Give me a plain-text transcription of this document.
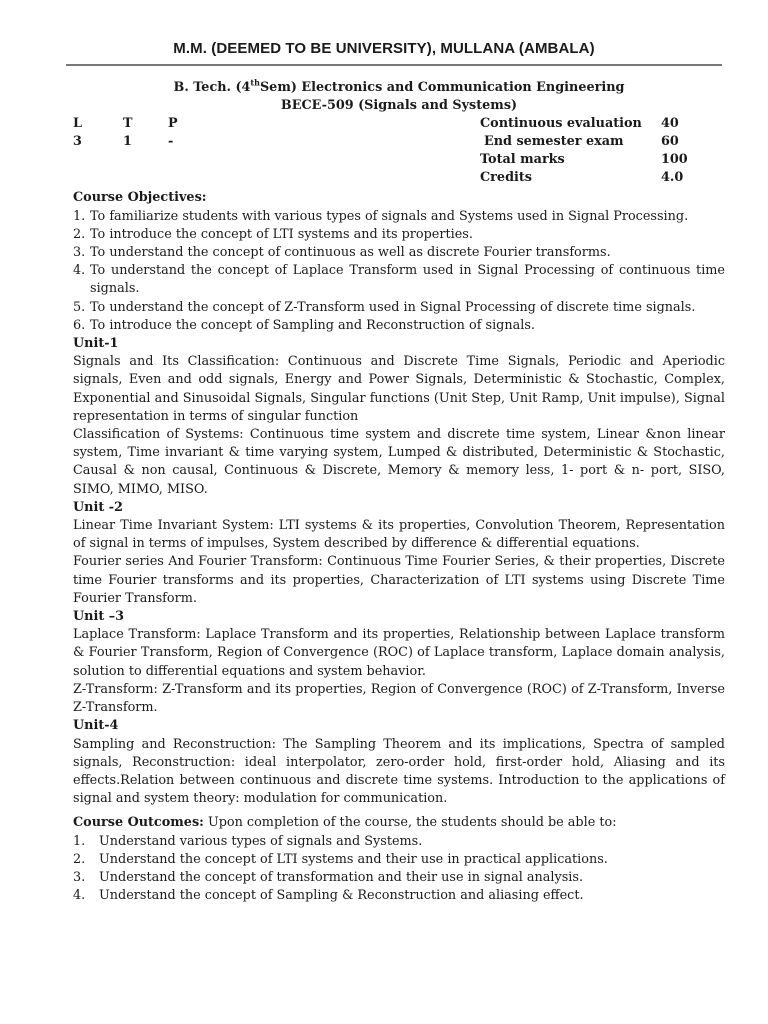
M.M. (DEEMED TO BE UNIVERSITY), MULLANA (AMBALA)
B. Tech. (4thSem) Electronics and Communication Engineering
BECE-509 (Signals and Systems)
L	T	P
3	1	-
Continuous evaluation 40
End semester exam	60
Total marks	100
Credits	4.0
Course Objectives:
1. To familiarize students with various types of signals and Systems used in Signal Processing.
2. To introduce the concept of LTI systems and its properties.
3. To understand the concept of continuous as well as discrete Fourier transforms.
4. To understand the concept of Laplace Transform used in Signal Processing of continuous time signals.
5. To understand the concept of Z-Transform used in Signal Processing of discrete time signals.
6. To introduce the concept of Sampling and Reconstruction of signals.
Unit-1

Signals and Its Classification: Continuous and Discrete Time Signals, Periodic and Aperiodic signals, Even and odd signals, Energy and Power Signals, Deterministic & Stochastic, Complex, Exponential and Sinusoidal Signals, Singular functions (Unit Step, Unit Ramp, Unit impulse), Signal representation in terms of singular function

Classification of Systems: Continuous time system and discrete time system, Linear &non linear system, Time invariant & time varying system, Lumped & distributed, Deterministic & Stochastic, Causal & non causal, Continuous & Discrete, Memory & memory less, 1- port & n- port, SISO, SIMO, MIMO, MISO.

Unit -2

Linear Time Invariant System: LTI systems & its properties, Convolution Theorem, Representation of signal in terms of impulses, System described by difference & differential equations.

Fourier series And Fourier Transform: Continuous Time Fourier Series, & their properties, Discrete time Fourier transforms and its properties, Characterization of LTI systems using Discrete Time Fourier Transform.

Unit –3

Laplace Transform: Laplace Transform and its properties, Relationship between Laplace transform & Fourier Transform, Region of Convergence (ROC) of Laplace transform, Laplace domain analysis, solution to differential equations and system behavior.

Z-Transform: Z-Transform and its properties, Region of Convergence (ROC) of Z-Transform, Inverse Z-Transform.

Unit-4

Sampling and Reconstruction: The Sampling Theorem and its implications, Spectra of sampled signals, Reconstruction: ideal interpolator, zero-order hold, first-order hold, Aliasing and its effects.Relation between continuous and discrete time systems. Introduction to the applications of signal and system theory: modulation for communication.

Course Outcomes: Upon completion of the course, the students should be able to:
1. Understand various types of signals and Systems.
2. Understand the concept of LTI systems and their use in practical applications.
3. Understand the concept of transformation and their use in signal analysis.
4. Understand the concept of Sampling & Reconstruction and aliasing effect.
